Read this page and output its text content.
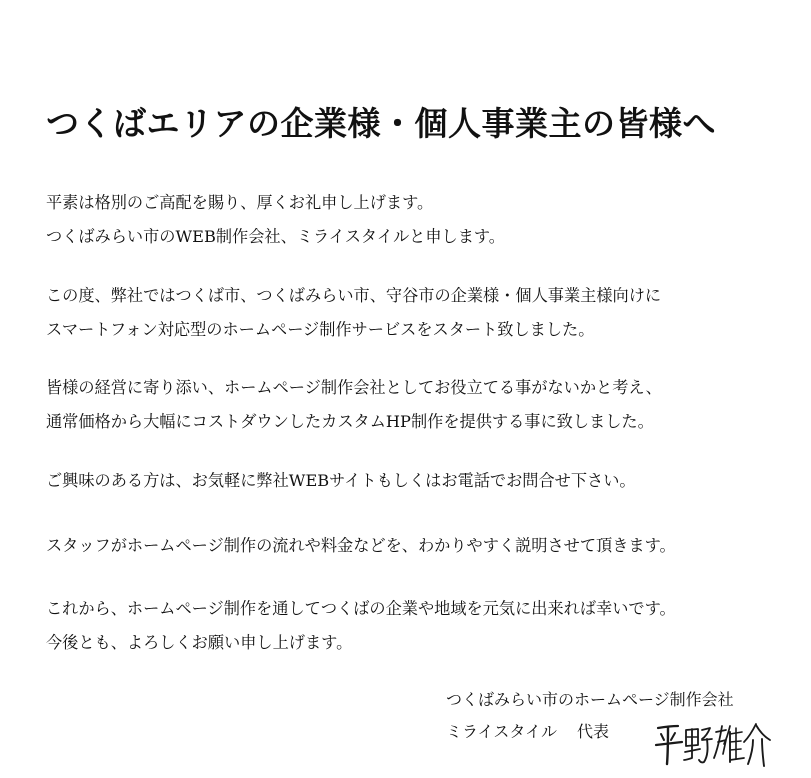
つくばエリアの企業様・個人事業主の皆様へ

平素は格別のご高配を賜り、厚くお礼申し上げます。
つくばみらい市のWEB制作会社、ミライスタイルと申します。

この度、弊社ではつくば市、つくばみらい市、守谷市の企業様・個人事業主様向けに
スマートフォン対応型のホームページ制作サービスをスタート致しました。

皆様の経営に寄り添い、ホームページ制作会社としてお役立てる事がないかと考え、
通常価格から大幅にコストダウンしたカスタムHP制作を提供する事に致しました。

ご興味のある方は、お気軽に弊社WEBサイトもしくはお電話でお問合せ下さい。

スタッフがホームページ制作の流れや料金などを、わかりやすく説明させて頂きます。

これから、ホームページ制作を通してつくばの企業や地域を元気に出来れば幸いです。
今後とも、よろしくお願い申し上げます。

つくばみらい市のホームページ制作会社

ミライスタイル 代表
